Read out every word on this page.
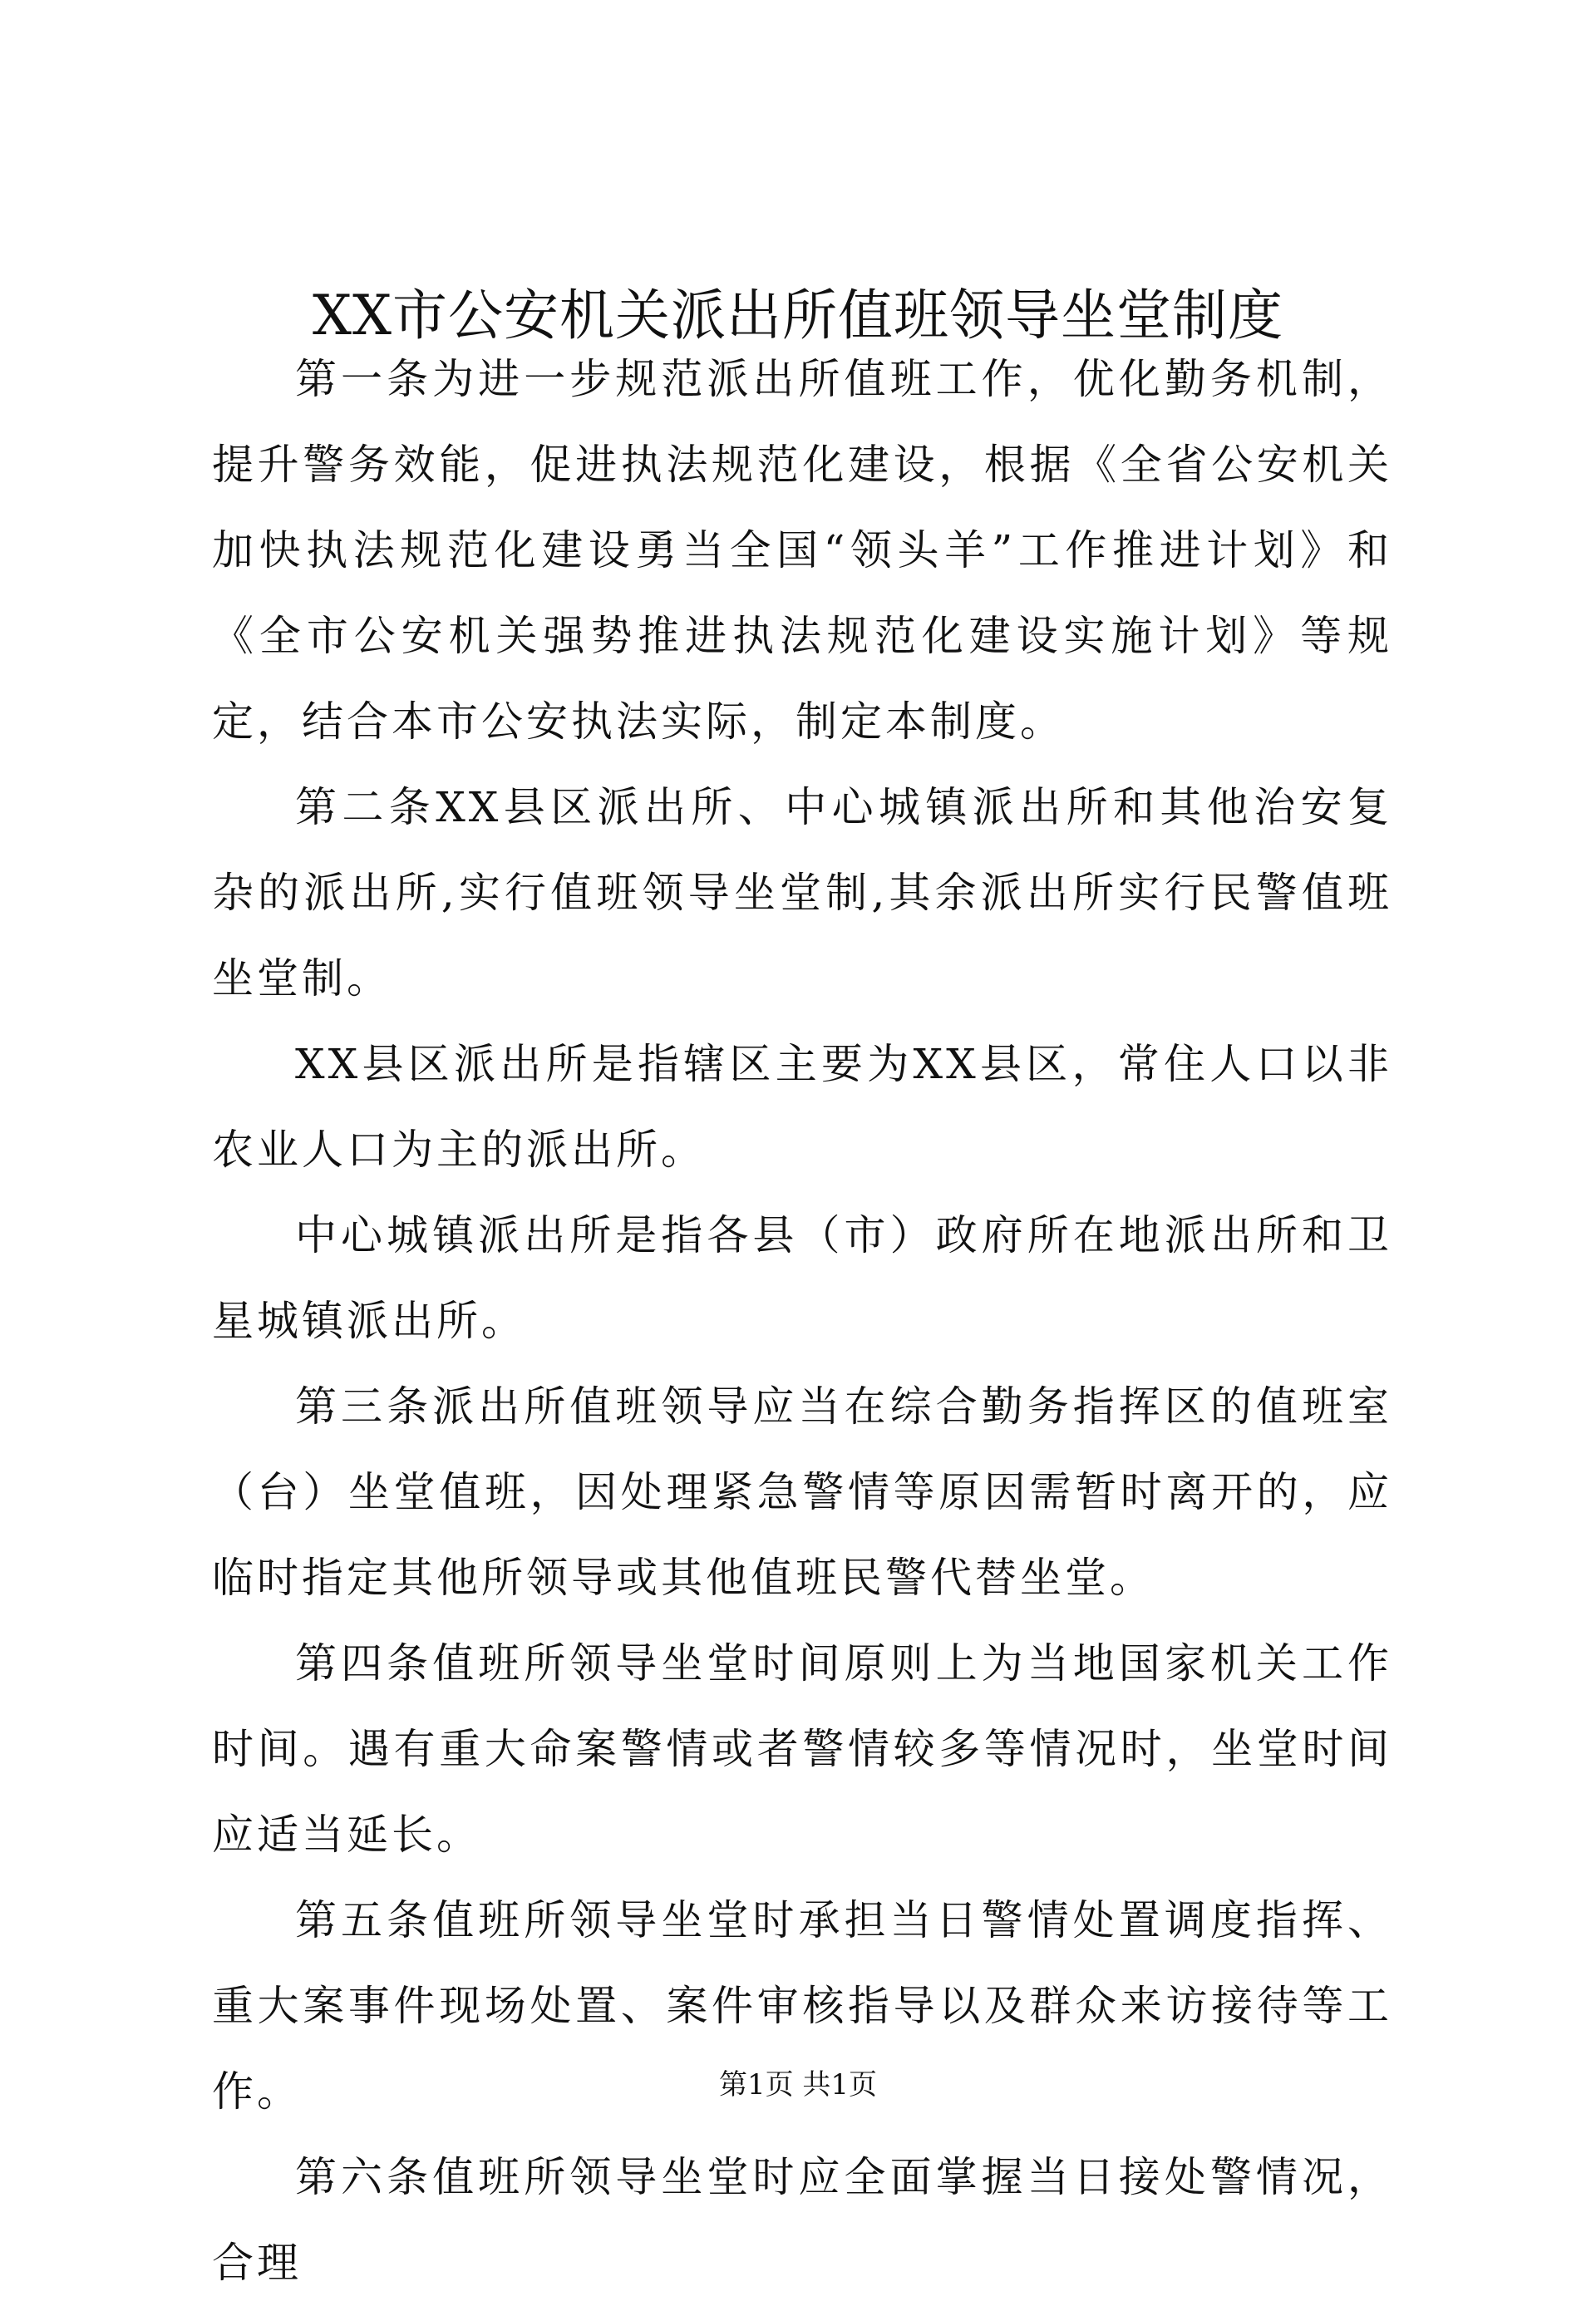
XX市公安机关派出所值班领导坐堂制度

第一条为进一步规范派出所值班工作，优化勤务机制，提升警务效能，促进执法规范化建设，根据《全省公安机关加快执法规范化建设勇当全国“领头羊”工作推进计划》和《全市公安机关强势推进执法规范化建设实施计划》等规定，结合本市公安执法实际，制定本制度。

第二条XX县区派出所、中心城镇派出所和其他治安复杂的派出所,实行值班领导坐堂制,其余派出所实行民警值班坐堂制。

XX县区派出所是指辖区主要为XX县区，常住人口以非农业人口为主的派出所。

中心城镇派出所是指各县（市）政府所在地派出所和卫星城镇派出所。

第三条派出所值班领导应当在综合勤务指挥区的值班室（台）坐堂值班，因处理紧急警情等原因需暂时离开的，应临时指定其他所领导或其他值班民警代替坐堂。

第四条值班所领导坐堂时间原则上为当地国家机关工作时间。遇有重大命案警情或者警情较多等情况时，坐堂时间应适当延长。

第五条值班所领导坐堂时承担当日警情处置调度指挥、重大案事件现场处置、案件审核指导以及群众来访接待等工作。

第六条值班所领导坐堂时应全面掌握当日接处警情况，合理

第1页 共1页
